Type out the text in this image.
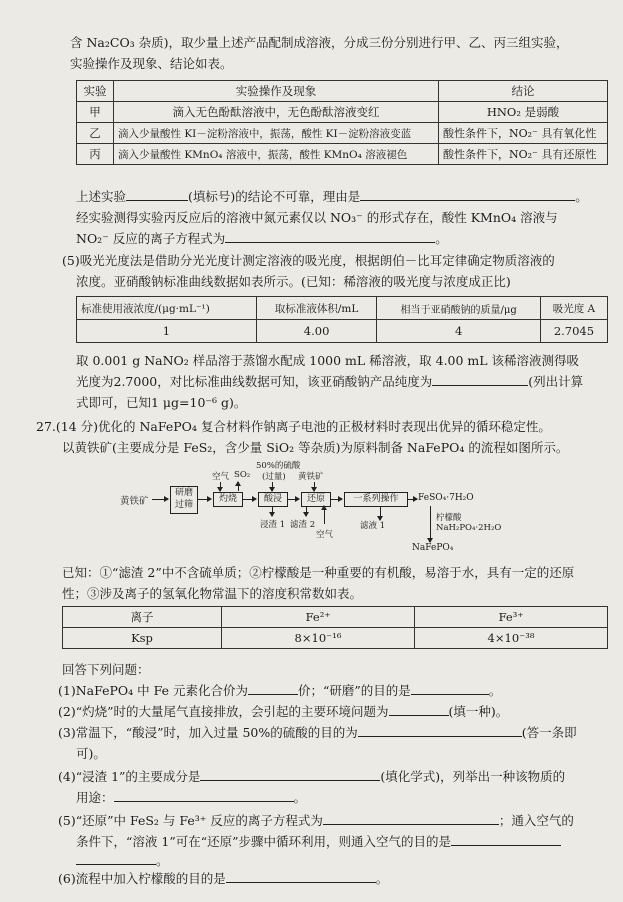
含 Na₂CO₃ 杂质)，取少量上述产品配制成溶液，分成三份分别进行甲、乙、丙三组实验，
实验操作及现象、结论如表。
实验	实验操作及现象	结论
甲	滴入无色酚酞溶液中，无色酚酞溶液变红	HNO₂ 是弱酸
乙	滴入少量酸性 KI－淀粉溶液中，振荡，酸性 KI－淀粉溶液变蓝	酸性条件下，NO₂⁻ 具有氧化性
丙	滴入少量酸性 KMnO₄ 溶液中，振荡，酸性 KMnO₄ 溶液褪色	酸性条件下，NO₂⁻ 具有还原性
上述实验	(填标号)的结论不可靠，理由是	。
经实验测得实验丙反应后的溶液中氮元素仅以 NO₃⁻ 的形式存在，酸性 KMnO₄ 溶液与
NO₂⁻ 反应的离子方程式为	。
(5)吸光光度法是借助分光光度计测定溶液的吸光度，根据朗伯－比耳定律确定物质溶液的
浓度。亚硝酸钠标准曲线数据如表所示。(已知：稀溶液的吸光度与浓度成正比)
标准使用液浓度/(μg·mL⁻¹)	取标准液体积/mL	相当于亚硝酸钠的质量/μg	吸光度 A
1	4.00	4	2.7045
取 0.001 g NaNO₂ 样品溶于蒸馏水配成 1000 mL 稀溶液，取 4.00 mL 该稀溶液测得吸
光度为2.7000，对比标准曲线数据可知，该亚硝酸钠产品纯度为	(列出计算
式即可，已知1 μg=10⁻⁶ g)。
27.(14 分)优化的 NaFePO₄ 复合材料作钠离子电池的正极材料时表现出优异的循环稳定性。
以黄铁矿(主要成分是 FeS₂，含少量 SiO₂ 等杂质)为原料制备 NaFePO₄ 的流程如图所示。
黄铁矿
研磨过筛
灼烧
空气 SO₂
酸浸
50%的硫酸
(过量)
浸渣 1
还原
黄铁矿
滤渣 2
空气
一系列操作
滤液 1
FeSO₄·7H₂O
柠檬酸
NaH₂PO₄·2H₂O
NaFePO₄
已知：①“滤渣 2”中不含硫单质；②柠檬酸是一种重要的有机酸，易溶于水，具有一定的还原
性；③涉及离子的氢氧化物常温下的溶度积常数如表。
离子	Fe²⁺	Fe³⁺
Ksp	8×10⁻¹⁶	4×10⁻³⁸
回答下列问题：
(1)NaFePO₄ 中 Fe 元素化合价为	价；“研磨”的目的是	。
(2)“灼烧”时的大量尾气直接排放，会引起的主要环境问题为	(填一种)。
(3)常温下，“酸浸”时，加入过量 50%的硫酸的目的为	(答一条即
可)。
(4)“浸渣 1”的主要成分是	(填化学式)，列举出一种该物质的
用途：	。
(5)“还原”中 FeS₂ 与 Fe³⁺ 反应的离子方程式为	；通入空气的
条件下，“溶液 1”可在“还原”步骤中循环利用，则通入空气的目的是
。
(6)流程中加入柠檬酸的目的是	。
